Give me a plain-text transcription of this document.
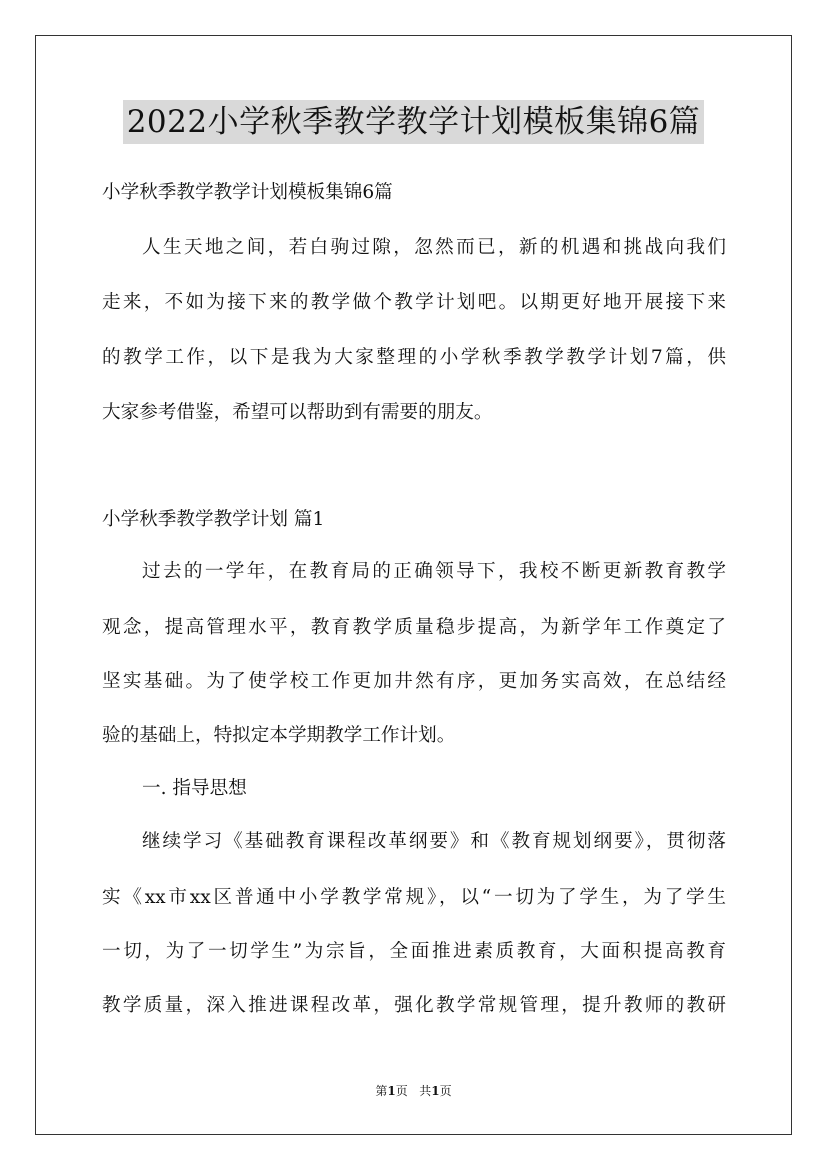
2022小学秋季教学教学计划模板集锦6篇
小学秋季教学教学计划模板集锦6篇
人生天地之间，若白驹过隙，忽然而已，新的机遇和挑战向我们
走来，不如为接下来的教学做个教学计划吧。以期更好地开展接下来
的教学工作，以下是我为大家整理的小学秋季教学教学计划7篇，供
大家参考借鉴，希望可以帮助到有需要的朋友。
小学秋季教学教学计划 篇1
过去的一学年，在教育局的正确领导下，我校不断更新教育教学
观念，提高管理水平，教育教学质量稳步提高，为新学年工作奠定了
坚实基础。为了使学校工作更加井然有序，更加务实高效，在总结经
验的基础上，特拟定本学期教学工作计划。
一. 指导思想
继续学习《基础教育课程改革纲要》和《教育规划纲要》，贯彻落
实《xx市xx区普通中小学教学常规》，以“一切为了学生，为了学生
一切，为了一切学生”为宗旨，全面推进素质教育，大面积提高教育
教学质量，深入推进课程改革，强化教学常规管理，提升教师的教研
第1页 共1页
